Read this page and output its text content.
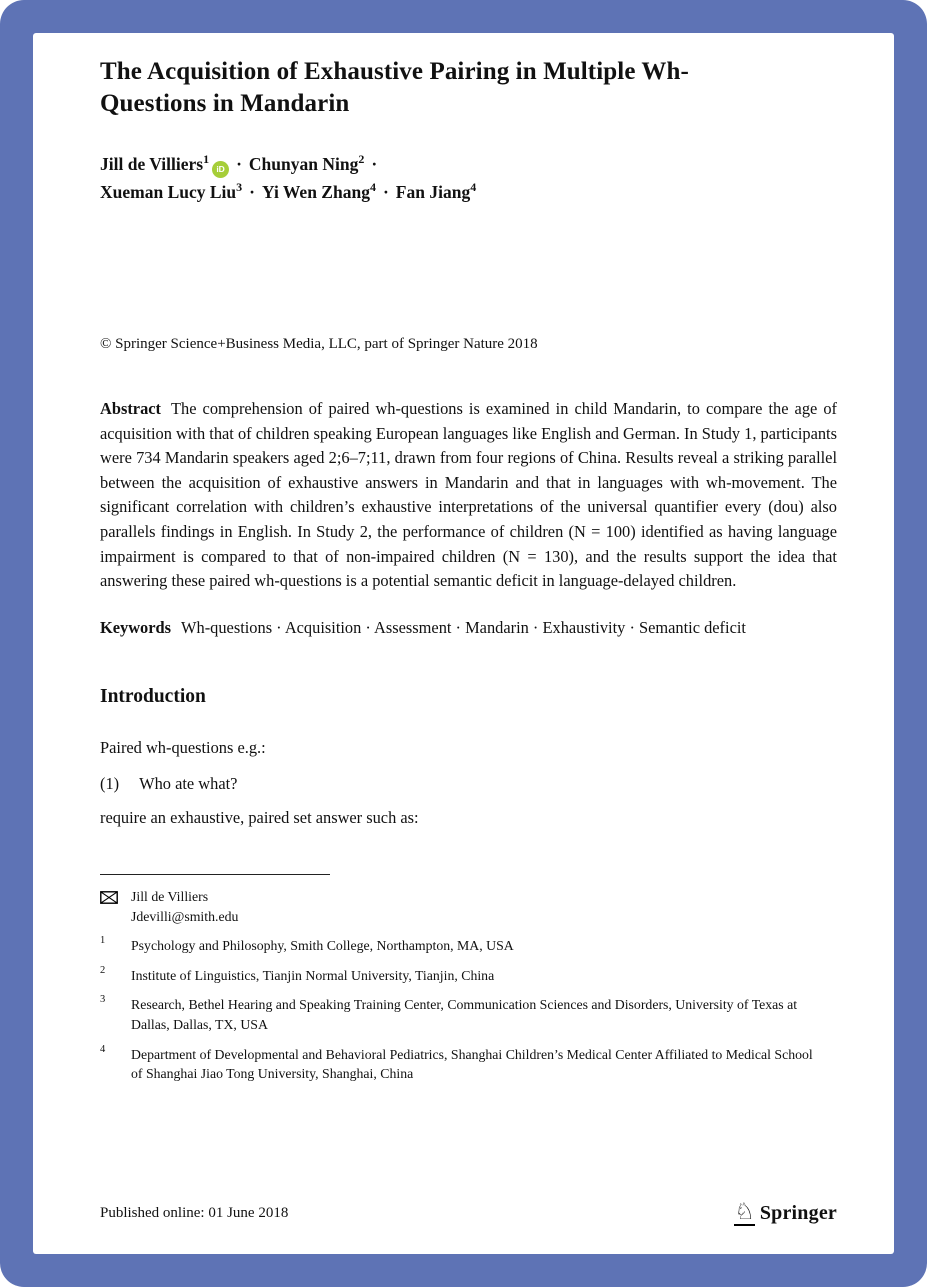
The Acquisition of Exhaustive Pairing in Multiple Wh-Questions in Mandarin
Jill de Villiers$^1$
iD · Chunyan Ning$^2$ ·
Xueman Lucy Liu$^3$ · Yi Wen Zhang$^4$ · Fan Jiang$^4$

© Springer Science+Business Media, LLC, part of Springer Nature 2018

Abstract The comprehension of paired wh-questions is examined in child Mandarin, to compare the age of acquisition with that of children speaking European languages like English and German. In Study 1, participants were 734 Mandarin speakers aged 2;6–7;11, drawn from four regions of China. Results reveal a striking parallel between the acquisition of exhaustive answers in Mandarin and that in languages with wh-movement. The significant correlation with children’s exhaustive interpretations of the universal quantifier every (dou) also parallels findings in English. In Study 2, the performance of children (N = 100) identified as having language impairment is compared to that of non-impaired children (N = 130), and the results support the idea that answering these paired wh-questions is a potential semantic deficit in language-delayed children.

Keywords Wh-questions · Acquisition · Assessment · Mandarin · Exhaustivity · Semantic deficit

Introduction

Paired wh-questions e.g.:

(1) Who ate what?

require an exhaustive, paired set answer such as:

Jill de Villiers
Jdevilli@smith.edu
1	Psychology and Philosophy, Smith College, Northampton, MA, USA
2	Institute of Linguistics, Tianjin Normal University, Tianjin, China
3	Research, Bethel Hearing and Speaking Training Center, Communication Sciences and Disorders, University of Texas at Dallas, Dallas, TX, USA
4	Department of Developmental and Behavioral Pediatrics, Shanghai Children’s Medical Center Affiliated to Medical School of Shanghai Jiao Tong University, Shanghai, China
Published online: 01 June 2018	♘ Springer
